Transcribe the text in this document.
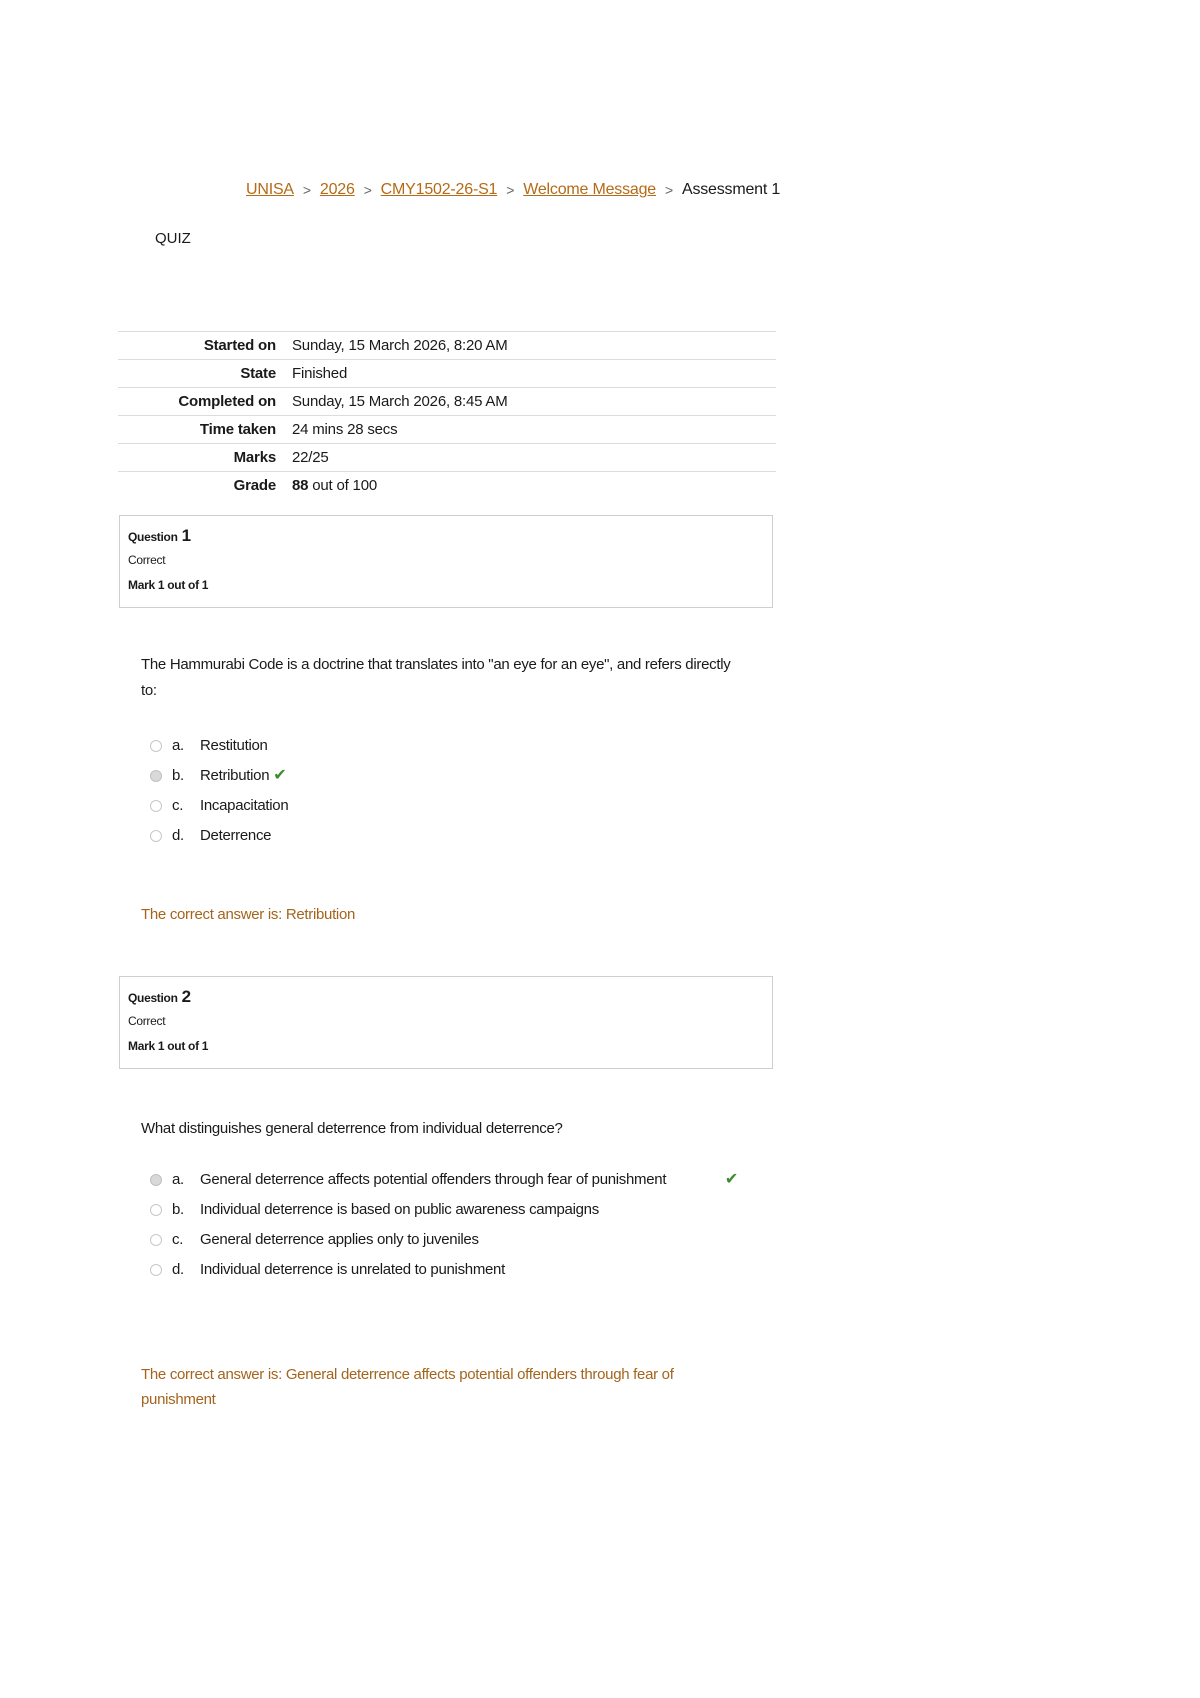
UNISA > 2026 > CMY1502-26-S1 > Welcome Message > Assessment 1
QUIZ
Started on	Sunday, 15 March 2026, 8:20 AM
State	Finished
Completed on	Sunday, 15 March 2026, 8:45 AM
Time taken	24 mins 28 secs
Marks	22/25
Grade	88 out of 100
Question 1
Correct
Mark 1 out of 1
The Hammurabi Code is a doctrine that translates into "an eye for an eye", and refers directly to:
a.	Restitution
b.	Retribution ✔
c.	Incapacitation
d.	Deterrence
The correct answer is: Retribution
Question 2
Correct
Mark 1 out of 1
What distinguishes general deterrence from individual deterrence?
a.	General deterrence affects potential offenders through fear of punishment	✔
b.	Individual deterrence is based on public awareness campaigns
c.	General deterrence applies only to juveniles
d.	Individual deterrence is unrelated to punishment
The correct answer is: General deterrence affects potential offenders through fear of punishment
